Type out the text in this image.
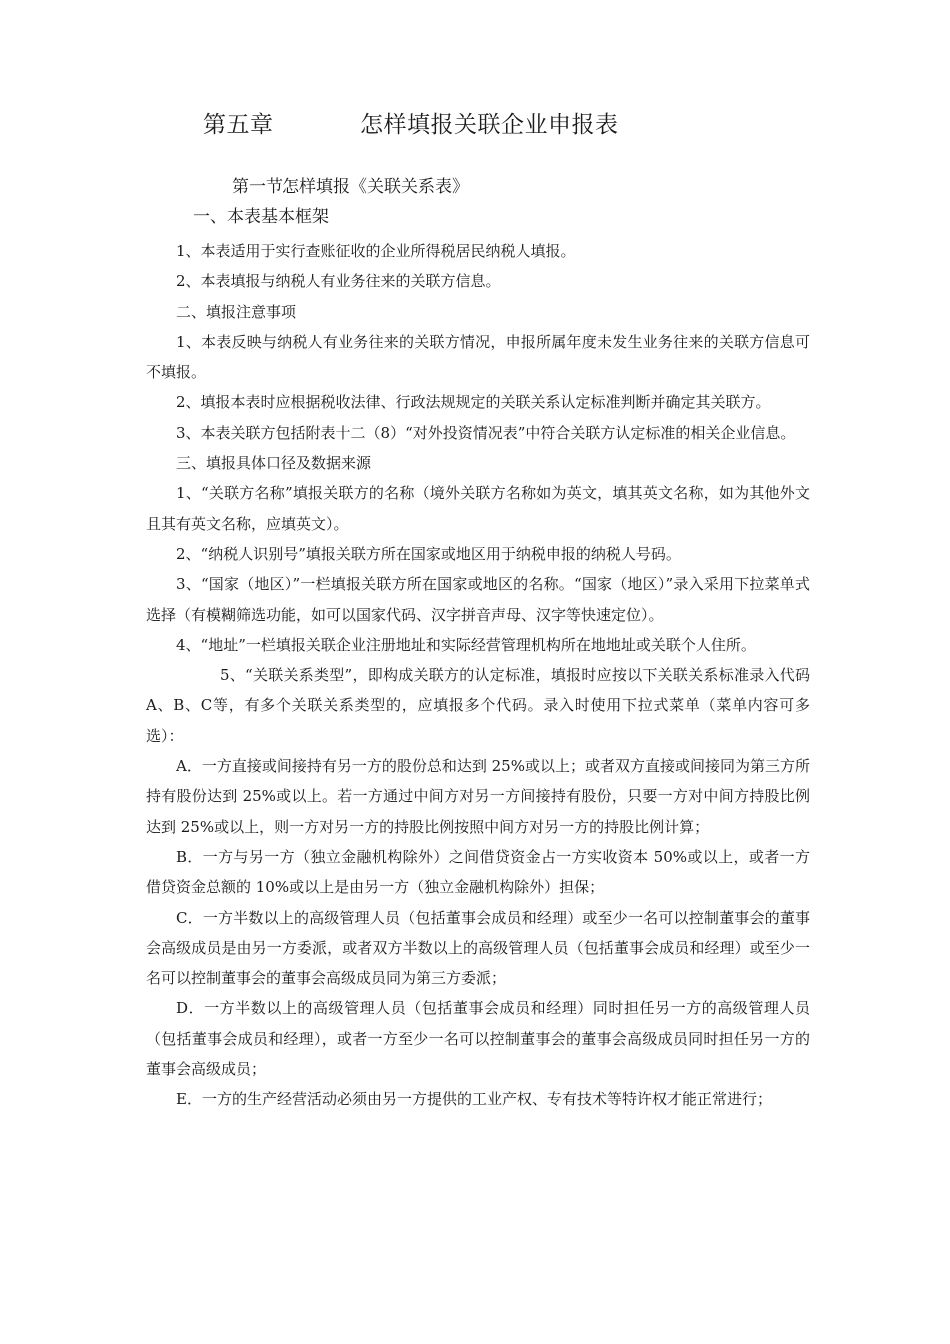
第五章	怎样填报关联企业申报表
第一节怎样填报《关联关系表》
一、本表基本框架

1、本表适用于实行查账征收的企业所得税居民纳税人填报。

2、本表填报与纳税人有业务往来的关联方信息。

二、填报注意事项

1、本表反映与纳税人有业务往来的关联方情况，申报所属年度未发生业务往来的关联方信息可不填报。

2、填报本表时应根据税收法律、行政法规规定的关联关系认定标准判断并确定其关联方。

3、本表关联方包括附表十二（8）“对外投资情况表”中符合关联方认定标准的相关企业信息。

三、填报具体口径及数据来源

1、“关联方名称”填报关联方的名称（境外关联方名称如为英文，填其英文名称，如为其他外文且其有英文名称，应填英文）。

2、“纳税人识别号”填报关联方所在国家或地区用于纳税申报的纳税人号码。

3、“国家（地区）”一栏填报关联方所在国家或地区的名称。“国家（地区）”录入采用下拉菜单式选择（有模糊筛选功能，如可以国家代码、汉字拼音声母、汉字等快速定位）。

4、“地址”一栏填报关联企业注册地址和实际经营管理机构所在地地址或关联个人住所。

5、“关联关系类型”，即构成关联方的认定标准，填报时应按以下关联关系标准录入代码A、B、C等，有多个关联关系类型的，应填报多个代码。录入时使用下拉式菜单（菜单内容可多选）：

A．一方直接或间接持有另一方的股份总和达到 25%或以上；或者双方直接或间接同为第三方所持有股份达到 25%或以上。若一方通过中间方对另一方间接持有股份，只要一方对中间方持股比例达到 25%或以上，则一方对另一方的持股比例按照中间方对另一方的持股比例计算；

B．一方与另一方（独立金融机构除外）之间借贷资金占一方实收资本 50%或以上，或者一方借贷资金总额的 10%或以上是由另一方（独立金融机构除外）担保；

C．一方半数以上的高级管理人员（包括董事会成员和经理）或至少一名可以控制董事会的董事会高级成员是由另一方委派，或者双方半数以上的高级管理人员（包括董事会成员和经理）或至少一名可以控制董事会的董事会高级成员同为第三方委派；

D．一方半数以上的高级管理人员（包括董事会成员和经理）同时担任另一方的高级管理人员（包括董事会成员和经理），或者一方至少一名可以控制董事会的董事会高级成员同时担任另一方的董事会高级成员；

E．一方的生产经营活动必须由另一方提供的工业产权、专有技术等特许权才能正常进行；
